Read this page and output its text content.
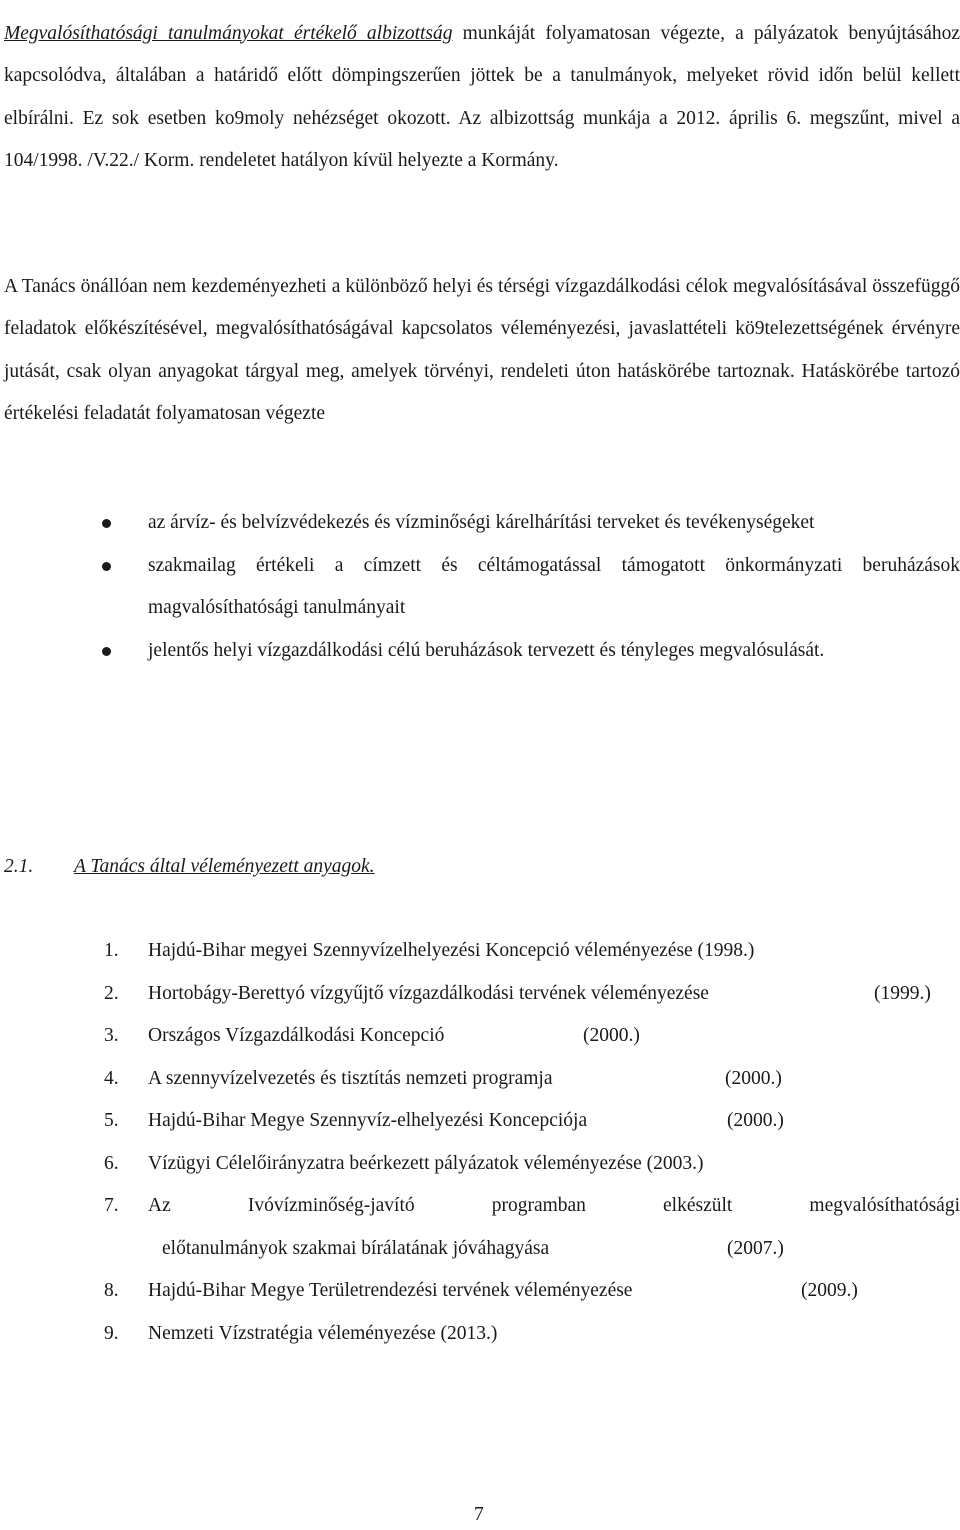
Megvalósíthatósági tanulmányokat értékelő albizottság munkáját folyamatosan végezte, a pályázatok benyújtásához kapcsolódva, általában a határidő előtt dömpingszerűen jöttek be a tanulmányok, melyeket rövid időn belül kellett elbírálni. Ez sok esetben ko9moly nehézséget okozott. Az albizottság munkája a 2012. április 6. megszűnt, mivel a 104/1998. /V.22./ Korm. rendeletet hatályon kívül helyezte a Kormány.

A Tanács önállóan nem kezdeményezheti a különböző helyi és térségi vízgazdálkodási célok megvalósításával összefüggő feladatok előkészítésével, megvalósíthatóságával kapcsolatos véleményezési, javaslattételi kö9telezettségének érvényre jutását, csak olyan anyagokat tárgyal meg, amelyek törvényi, rendeleti úton hatáskörébe tartoznak. Hatáskörébe tartozó értékelési feladatát folyamatosan végezte

az árvíz- és belvízvédekezés és vízminőségi kárelhárítási terveket és tevékenységeket
szakmailag értékeli a címzett és céltámogatással támogatott önkormányzati beruházások magvalósíthatósági tanulmányait
jelentős helyi vízgazdálkodási célú beruházások tervezett és tényleges megvalósulását.
2.1. A Tanács által véleményezett anyagok.
1. Hajdú-Bihar megyei Szennyvízelhelyezési Koncepció véleményezése (1998.)
2. Hortobágy-Berettyó vízgyűjtő vízgazdálkodási tervének véleményezése	(1999.)
3. Országos Vízgazdálkodási Koncepció	(2000.)
4. A szennyvízelvezetés és tisztítás nemzeti programja	(2000.)
5. Hajdú-Bihar Megye Szennyvíz-elhelyezési Koncepciója	(2000.)
6. Vízügyi Célelőirányzatra beérkezett pályázatok véleményezése (2003.)
7. Az Ivóvízminőség-javító programban elkészült megvalósíthatósági
előtanulmányok szakmai bírálatának jóváhagyása	(2007.)
8. Hajdú-Bihar Megye Területrendezési tervének véleményezése	(2009.)
9. Nemzeti Vízstratégia véleményezése (2013.)
7
